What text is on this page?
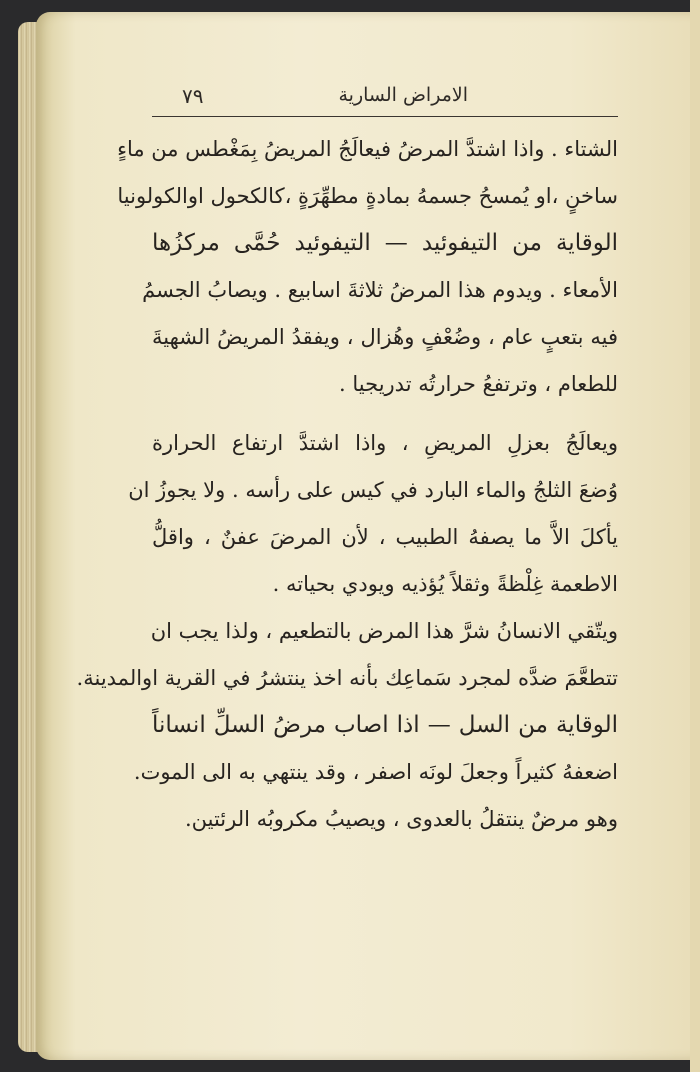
الامراض السارية
٧٩
الشتاء . واذا اشتدَّ المرضُ فيعالَجُ المريضُ بِمَغْطس من ماءٍ
ساخنٍ ،او يُمسحُ جسمهُ بمادةٍ مطهِّرَةٍ ،كالكحول اوالكولونيا
الوقاية من التيفوئيد — التيفوئيد حُمَّى مركزُها
الأمعاء . ويدوم هذا المرضُ ثلاثةَ اسابيع . ويصابُ الجسمُ
فيه بتعبٍ عام ، وضُعْفٍ وهُزال ، ويفقدُ المريضُ الشهيةَ
للطعام ، وترتفعُ حرارتُه تدريجيا .
ويعالَجُ بعزلِ المريضِ ، واذا اشتدَّ ارتفاع الحرارة
وُضعَ الثلجُ والماء البارد في كيس على رأسه . ولا يجوزُ ان
يأكلَ الاَّ ما يصفهُ الطبيب ، لأن المرضَ عفنٌ ، واقلُّ
الاطعمة غِلْظةً وثقلاً يُؤذيه ويودي بحياته .
ويتّقي الانسانُ شرَّ هذا المرض بالتطعيم ، ولذا يجب ان
تتطعَّمَ ضدَّه لمجرد سَماعِك بأنه اخذ ينتشرُ في القرية اوالمدينة.
الوقاية من السل — اذا اصاب مرضُ السلِّ انساناً
اضعفهُ كثيراً وجعلَ لونَه اصفر ، وقد ينتهي به الى الموت.
وهو مرضٌ ينتقلُ بالعدوى ، ويصيبُ مكروبُه الرئتين.
